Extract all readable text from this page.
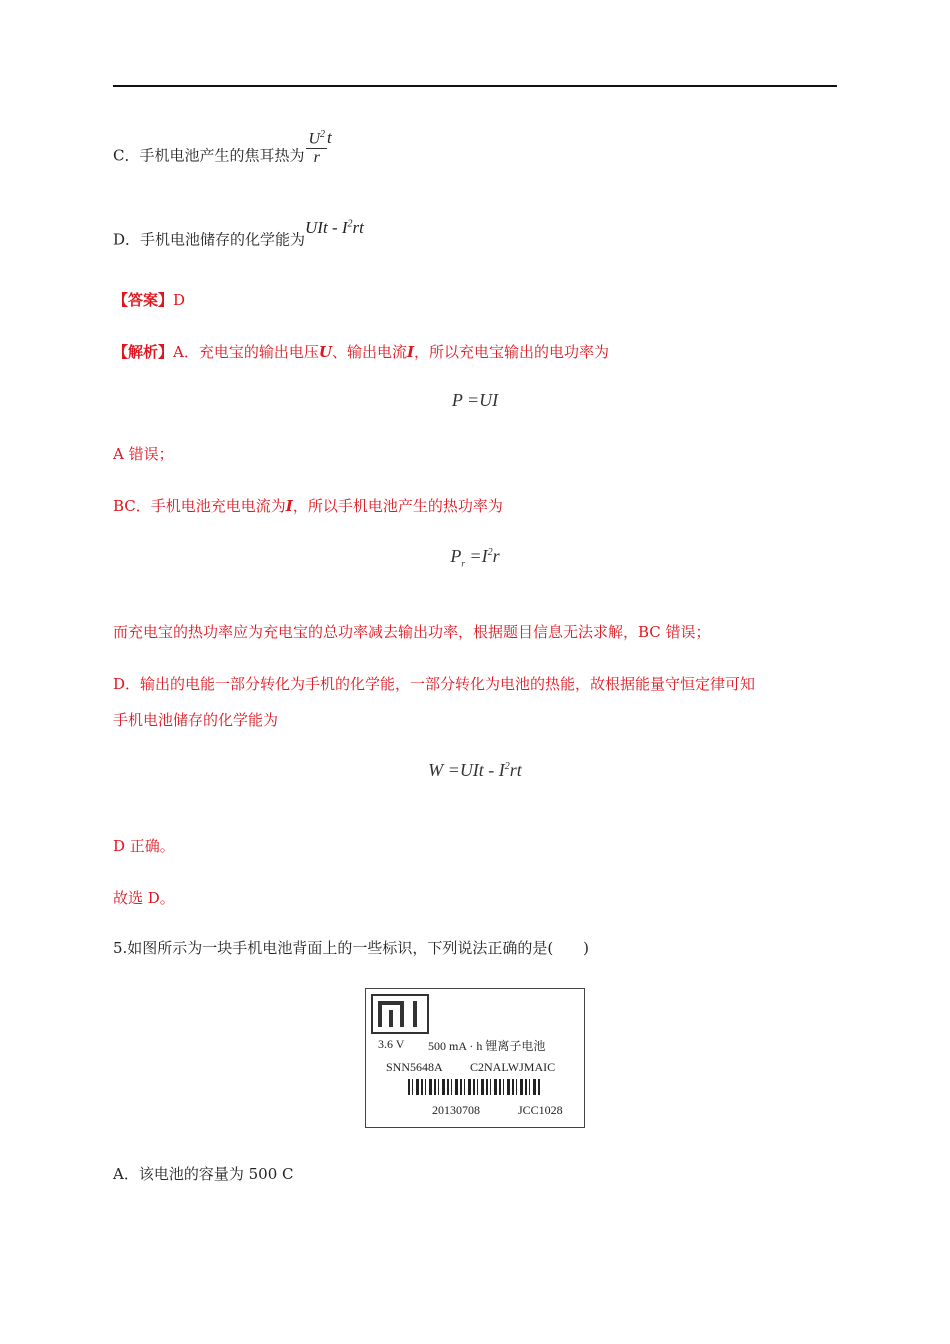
C．手机电池产生的焦耳热为 $\frac{U^2}{r}$ t
D．手机电池储存的化学能为UIt - $I^2rt$
【答案】D
【解析】A．充电宝的输出电压U、输出电流I，所以充电宝输出的电功率为
P =UI
A 错误；
BC．手机电池充电电流为I，所以手机电池产生的热功率为
$P_r =I^2r$
而充电宝的热功率应为充电宝的总功率减去输出功率，根据题目信息无法求解，BC 错误；
D．输出的电能一部分转化为手机的化学能，一部分转化为电池的热能，故根据能量守恒定律可知
手机电池储存的化学能为
$W =UIt - I^2rt$
D 正确。
故选 D。
5.如图所示为一块手机电池背面上的一些标识，下列说法正确的是(　　)
3.6 V 500 mA · h 锂离子电池
SNN5648A C2NALWJMAIC
20130708	JCC1028
A．该电池的容量为 500 C
